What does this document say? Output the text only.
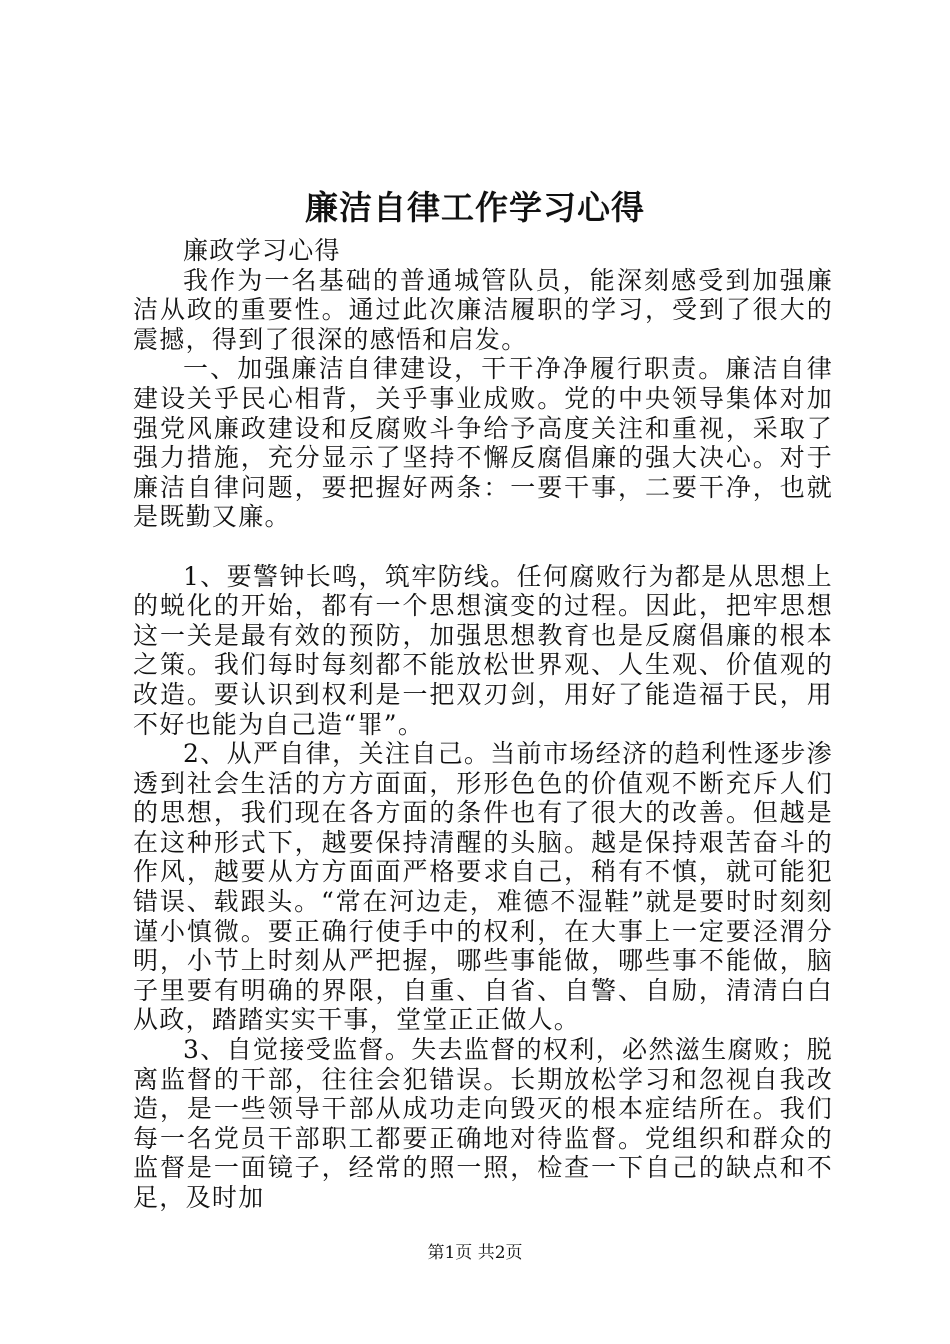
廉洁自律工作学习心得

廉政学习心得

我作为一名基础的普通城管队员，能深刻感受到加强廉洁从政的重要性。通过此次廉洁履职的学习，受到了很大的震撼，得到了很深的感悟和启发。

一、加强廉洁自律建设，干干净净履行职责。廉洁自律建设关乎民心相背，关乎事业成败。党的中央领导集体对加强党风廉政建设和反腐败斗争给予高度关注和重视，采取了强力措施，充分显示了坚持不懈反腐倡廉的强大决心。对于廉洁自律问题，要把握好两条：一要干事，二要干净，也就是既勤又廉。

1、要警钟长鸣，筑牢防线。任何腐败行为都是从思想上的蜕化的开始，都有一个思想演变的过程。因此，把牢思想这一关是最有效的预防，加强思想教育也是反腐倡廉的根本之策。我们每时每刻都不能放松世界观、人生观、价值观的改造。要认识到权利是一把双刃剑，用好了能造福于民，用不好也能为自己造“罪”。

2、从严自律，关注自己。当前市场经济的趋利性逐步渗透到社会生活的方方面面，形形色色的价值观不断充斥人们的思想，我们现在各方面的条件也有了很大的改善。但越是在这种形式下，越要保持清醒的头脑。越是保持艰苦奋斗的作风，越要从方方面面严格要求自己，稍有不慎，就可能犯错误、载跟头。“常在河边走，难德不湿鞋”就是要时时刻刻谨小慎微。要正确行使手中的权利，在大事上一定要泾渭分明，小节上时刻从严把握，哪些事能做，哪些事不能做，脑子里要有明确的界限，自重、自省、自警、自励，清清白白从政，踏踏实实干事，堂堂正正做人。

3、自觉接受监督。失去监督的权利，必然滋生腐败；脱离监督的干部，往往会犯错误。长期放松学习和忽视自我改造，是一些领导干部从成功走向毁灭的根本症结所在。我们每一名党员干部职工都要正确地对待监督。党组织和群众的监督是一面镜子，经常的照一照，检查一下自己的缺点和不足，及时加

第1页 共2页
